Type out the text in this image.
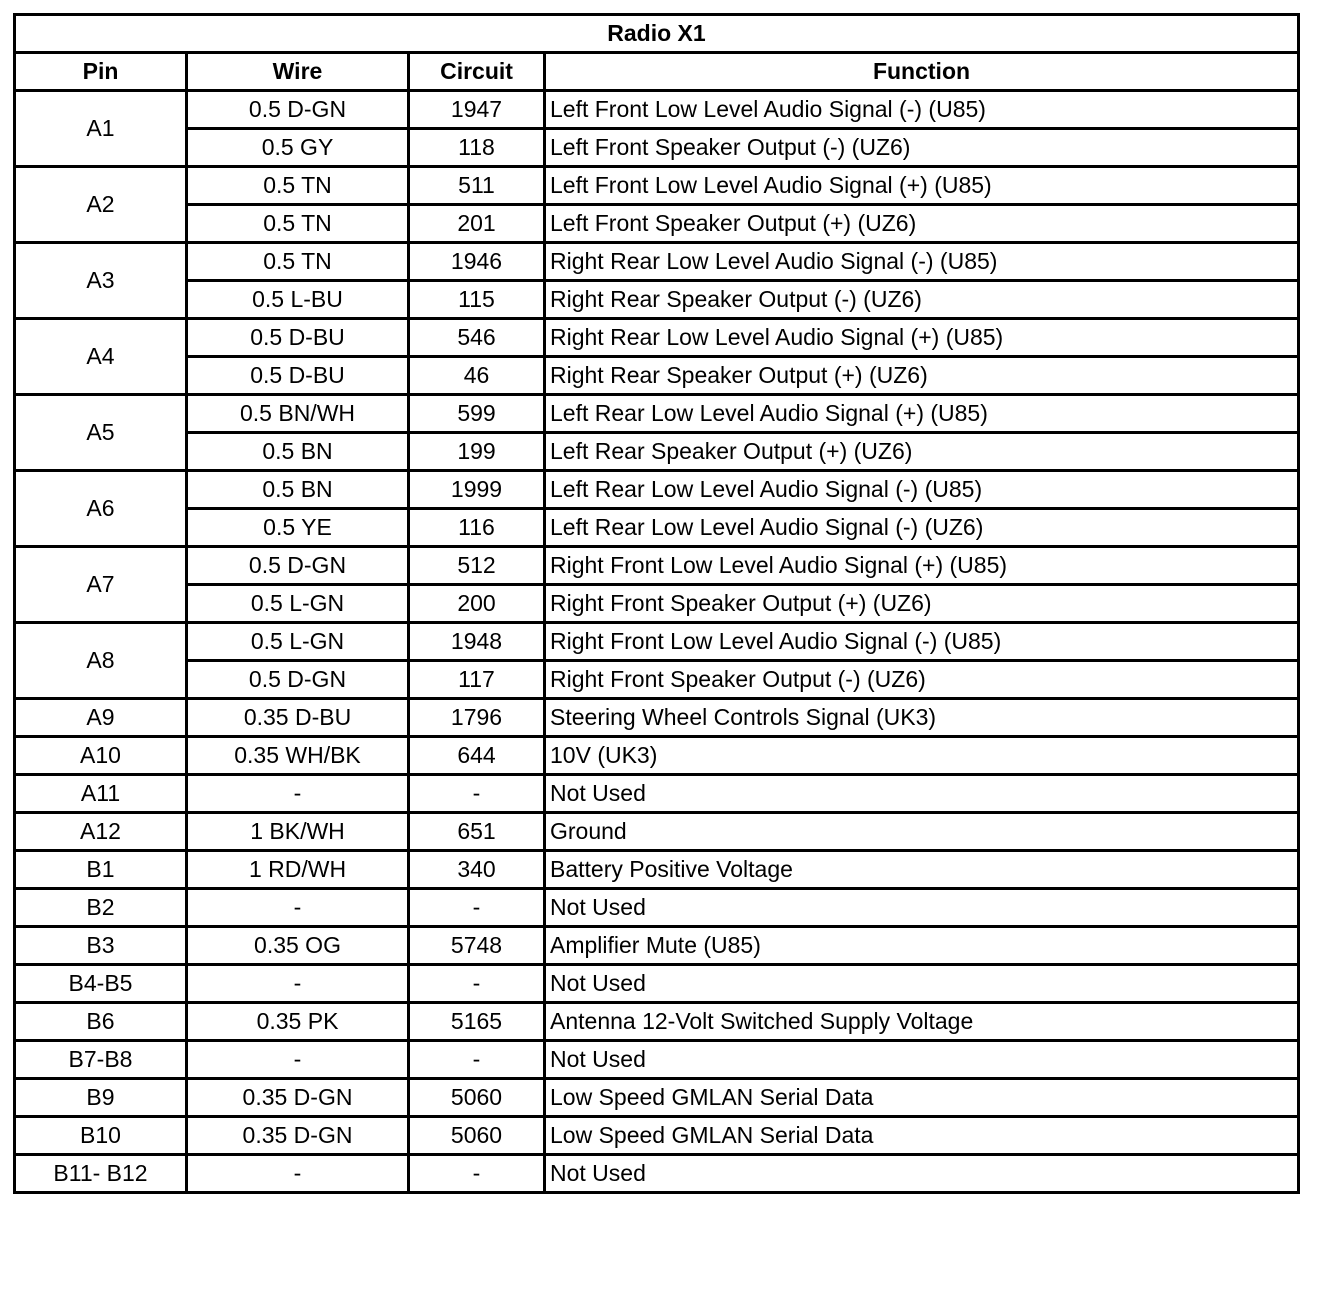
Radio X1			
Pin	Wire	Circuit	Function
A1	0.5 D-GN	1947	Left Front Low Level Audio Signal (-) (U85)
	0.5 GY	118	Left Front Speaker Output (-) (UZ6)
A2	0.5 TN	511	Left Front Low Level Audio Signal (+) (U85)
	0.5 TN	201	Left Front Speaker Output (+) (UZ6)
A3	0.5 TN	1946	Right Rear Low Level Audio Signal (-) (U85)
	0.5 L-BU	115	Right Rear Speaker Output (-) (UZ6)
A4	0.5 D-BU	546	Right Rear Low Level Audio Signal (+) (U85)
	0.5 D-BU	46	Right Rear Speaker Output (+) (UZ6)
A5	0.5 BN/WH	599	Left Rear Low Level Audio Signal (+) (U85)
	0.5 BN	199	Left Rear Speaker Output (+) (UZ6)
A6	0.5 BN	1999	Left Rear Low Level Audio Signal (-) (U85)
	0.5 YE	116	Left Rear Low Level Audio Signal (-) (UZ6)
A7	0.5 D-GN	512	Right Front Low Level Audio Signal (+) (U85)
	0.5 L-GN	200	Right Front Speaker Output (+) (UZ6)
A8	0.5 L-GN	1948	Right Front Low Level Audio Signal (-) (U85)
	0.5 D-GN	117	Right Front Speaker Output (-) (UZ6)
A9	0.35 D-BU	1796	Steering Wheel Controls Signal (UK3)
A10	0.35 WH/BK	644	10V (UK3)
A11	-	-	Not Used
A12	1 BK/WH	651	Ground
B1	1 RD/WH	340	Battery Positive Voltage
B2	-	-	Not Used
B3	0.35 OG	5748	Amplifier Mute (U85)
B4-B5	-	-	Not Used
B6	0.35 PK	5165	Antenna 12-Volt Switched Supply Voltage
B7-B8	-	-	Not Used
B9	0.35 D-GN	5060	Low Speed GMLAN Serial Data
B10	0.35 D-GN	5060	Low Speed GMLAN Serial Data
B11- B12	-	-	Not Used
